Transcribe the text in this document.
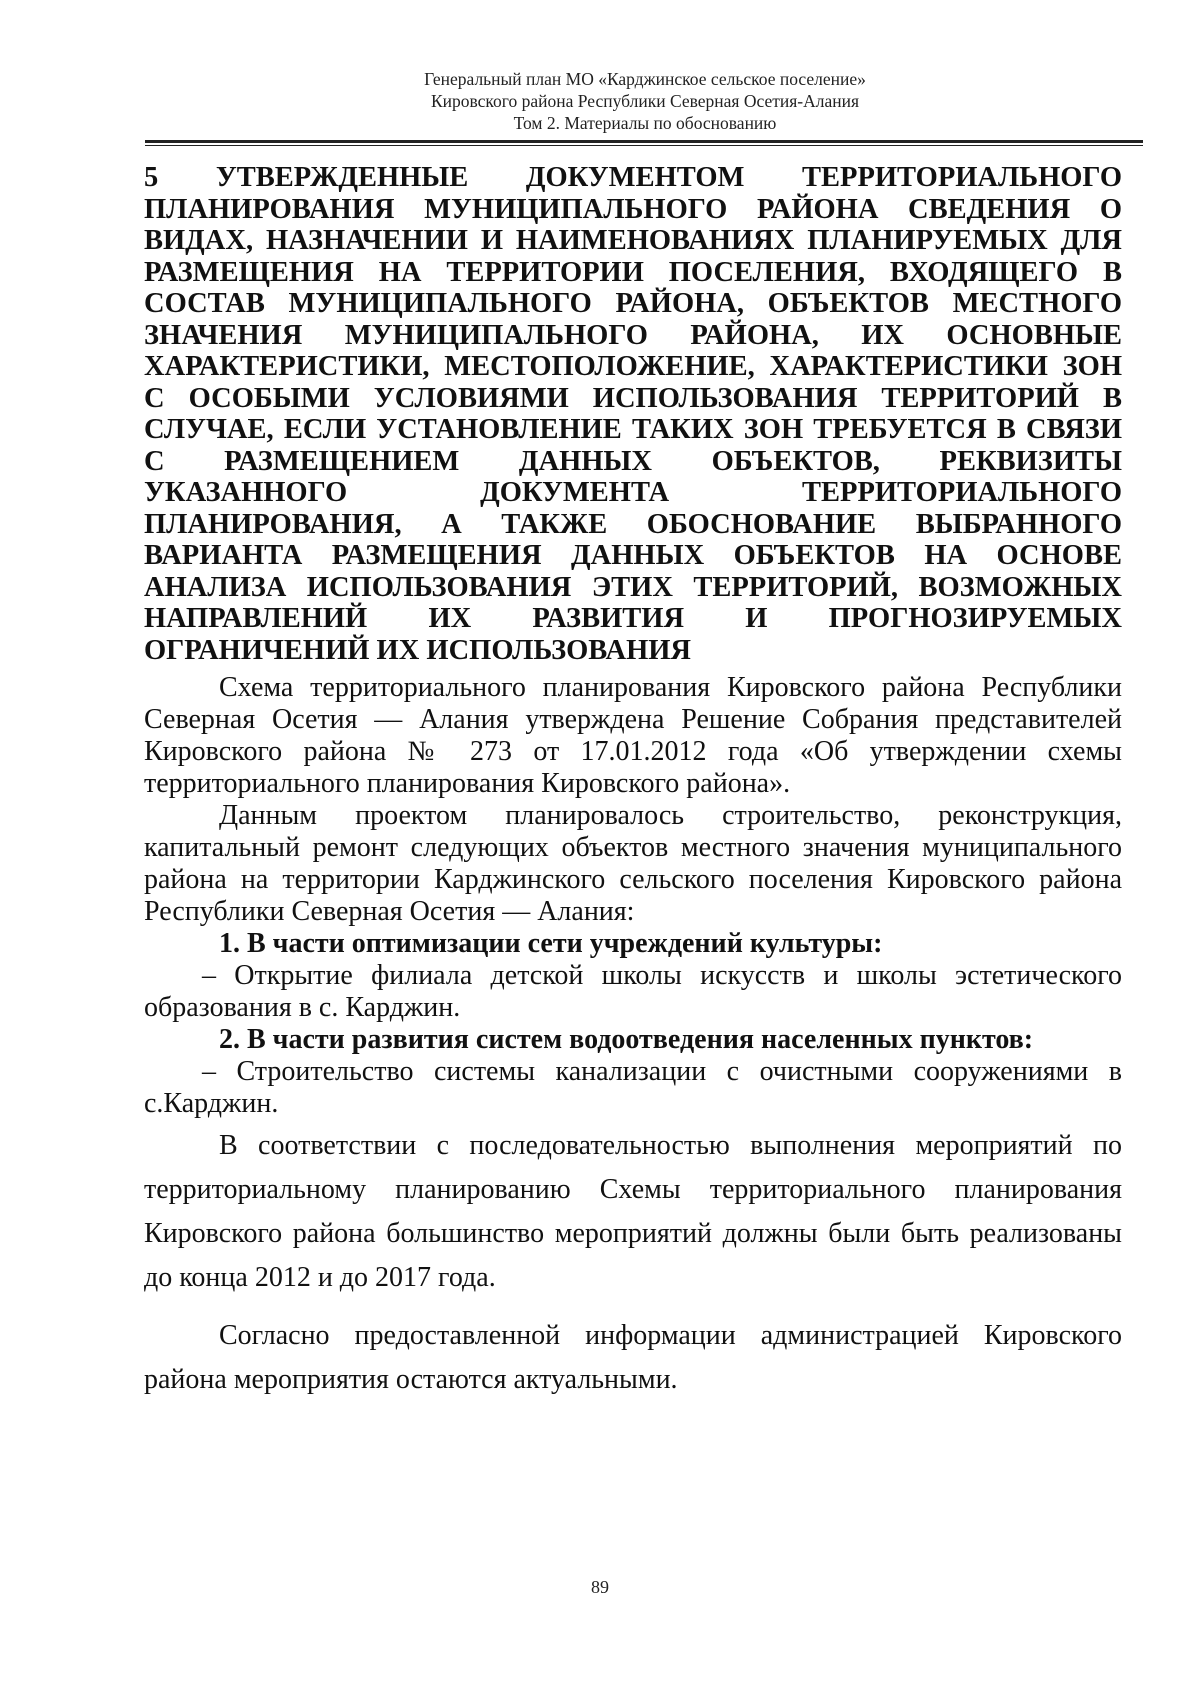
Генеральный план МО «Карджинское сельское поселение»
Кировского района Республики Северная Осетия-Алания
Том 2. Материалы по обоснованию
5 УТВЕРЖДЕННЫЕ ДОКУМЕНТОМ ТЕРРИТОРИАЛЬНОГО ПЛАНИРОВАНИЯ МУНИЦИПАЛЬНОГО РАЙОНА СВЕДЕНИЯ О ВИДАХ, НАЗНАЧЕНИИ И НАИМЕНОВАНИЯХ ПЛАНИРУЕМЫХ ДЛЯ РАЗМЕЩЕНИЯ НА ТЕРРИТОРИИ ПОСЕЛЕНИЯ, ВХОДЯЩЕГО В СОСТАВ МУНИЦИПАЛЬНОГО РАЙОНА, ОБЪЕКТОВ МЕСТНОГО ЗНАЧЕНИЯ МУНИЦИПАЛЬНОГО РАЙОНА, ИХ ОСНОВНЫЕ ХАРАКТЕРИСТИКИ, МЕСТОПОЛОЖЕНИЕ, ХАРАКТЕРИСТИКИ ЗОН С ОСОБЫМИ УСЛОВИЯМИ ИСПОЛЬЗОВАНИЯ ТЕРРИТОРИЙ В СЛУЧАЕ, ЕСЛИ УСТАНОВЛЕНИЕ ТАКИХ ЗОН ТРЕБУЕТСЯ В СВЯЗИ С РАЗМЕЩЕНИЕМ ДАННЫХ ОБЪЕКТОВ, РЕКВИЗИТЫ УКАЗАННОГО ДОКУМЕНТА ТЕРРИТОРИАЛЬНОГО ПЛАНИРОВАНИЯ, А ТАКЖЕ ОБОСНОВАНИЕ ВЫБРАННОГО ВАРИАНТА РАЗМЕЩЕНИЯ ДАННЫХ ОБЪЕКТОВ НА ОСНОВЕ АНАЛИЗА ИСПОЛЬЗОВАНИЯ ЭТИХ ТЕРРИТОРИЙ, ВОЗМОЖНЫХ НАПРАВЛЕНИЙ ИХ РАЗВИТИЯ И ПРОГНОЗИРУЕМЫХ ОГРАНИЧЕНИЙ ИХ ИСПОЛЬЗОВАНИЯ

Схема территориального планирования Кировского района Республики Северная Осетия — Алания утверждена Решение Собрания представителей Кировского района № 273 от 17.01.2012 года «Об утверждении схемы территориального планирования Кировского района».

Данным проектом планировалось строительство, реконструкция, капитальный ремонт следующих объектов местного значения муниципального района на территории Карджинского сельского поселения Кировского района Республики Северная Осетия — Алания:

1. В части оптимизации сети учреждений культуры:

– Открытие филиала детской школы искусств и школы эстетического образования в с. Карджин.

2. В части развития систем водоотведения населенных пунктов:

– Строительство системы канализации с очистными сооружениями в с.Карджин.

В соответствии с последовательностью выполнения мероприятий по территориальному планированию Схемы территориального планирования Кировского района большинство мероприятий должны были быть реализованы до конца 2012 и до 2017 года.

Согласно предоставленной информации администрацией Кировского района мероприятия остаются актуальными.

89
